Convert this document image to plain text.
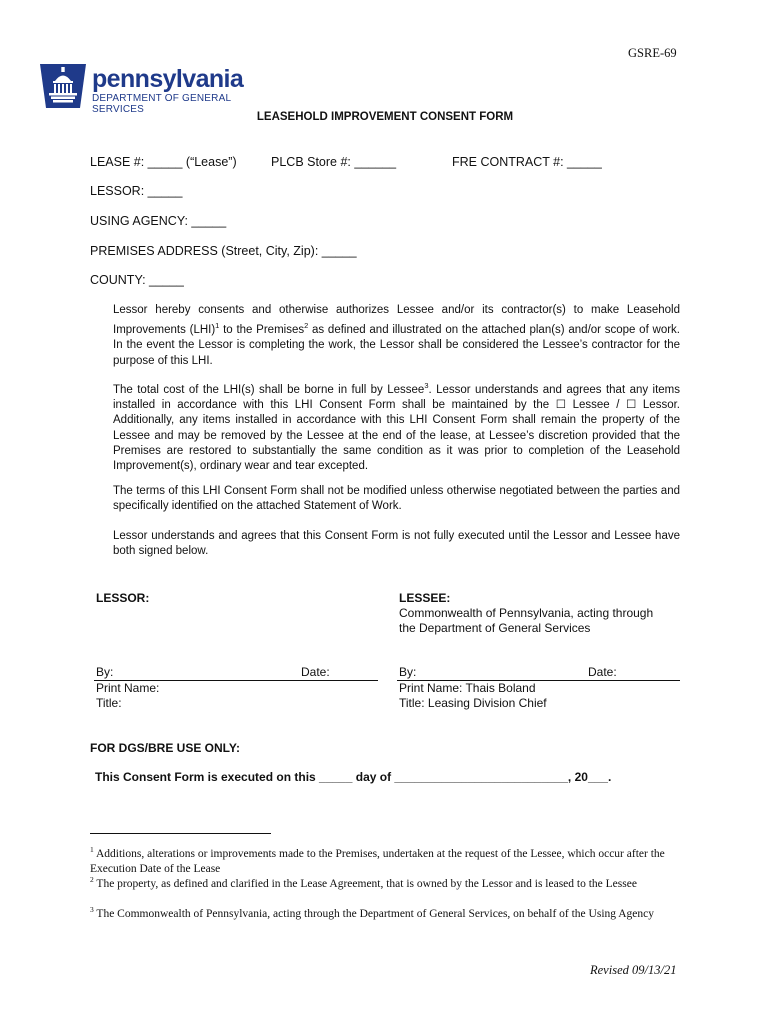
GSRE-69
pennsylvania
DEPARTMENT OF GENERAL SERVICES
LEASEHOLD IMPROVEMENT CONSENT FORM
LEASE #: _____ (“Lease”)	PLCB Store #: ______	FRE CONTRACT #: _____
LESSOR: _____
USING AGENCY: _____
PREMISES ADDRESS (Street, City, Zip): _____
COUNTY: _____
Lessor hereby consents and otherwise authorizes Lessee and/or its contractor(s) to make Leasehold Improvements (LHI)$^1$ to the Premises$^2$ as defined and illustrated on the attached plan(s) and/or scope of work. In the event the Lessor is completing the work, the Lessor shall be considered the Lessee’s contractor for the purpose of this LHI.
The total cost of the LHI(s) shall be borne in full by Lessee$^3$. Lessor understands and agrees that any items installed in accordance with this LHI Consent Form shall be maintained by the ☐ Lessee / ☐ Lessor. Additionally, any items installed in accordance with this LHI Consent Form shall remain the property of the Lessee and may be removed by the Lessee at the end of the lease, at Lessee’s discretion provided that the Premises are restored to substantially the same condition as it was prior to completion of the Leasehold Improvement(s), ordinary wear and tear excepted.
The terms of this LHI Consent Form shall not be modified unless otherwise negotiated between the parties and specifically identified on the attached Statement of Work.
Lessor understands and agrees that this Consent Form is not fully executed until the Lessor and Lessee have both signed below.
LESSOR:	LESSEE:
Commonwealth of Pennsylvania, acting through
the Department of General Services
By:	Date:
Print Name:
Title:
By:	Date:
Print Name: Thais Boland
Title: Leasing Division Chief
FOR DGS/BRE USE ONLY:
This Consent Form is executed on this _____ day of __________________________, 20___.
$^1$ Additions, alterations or improvements made to the Premises, undertaken at the request of the Lessee, which occur after the Execution Date of the Lease
$^2$ The property, as defined and clarified in the Lease Agreement, that is owned by the Lessor and is leased to the Lessee
$^3$ The Commonwealth of Pennsylvania, acting through the Department of General Services, on behalf of the Using Agency
Revised 09/13/21
